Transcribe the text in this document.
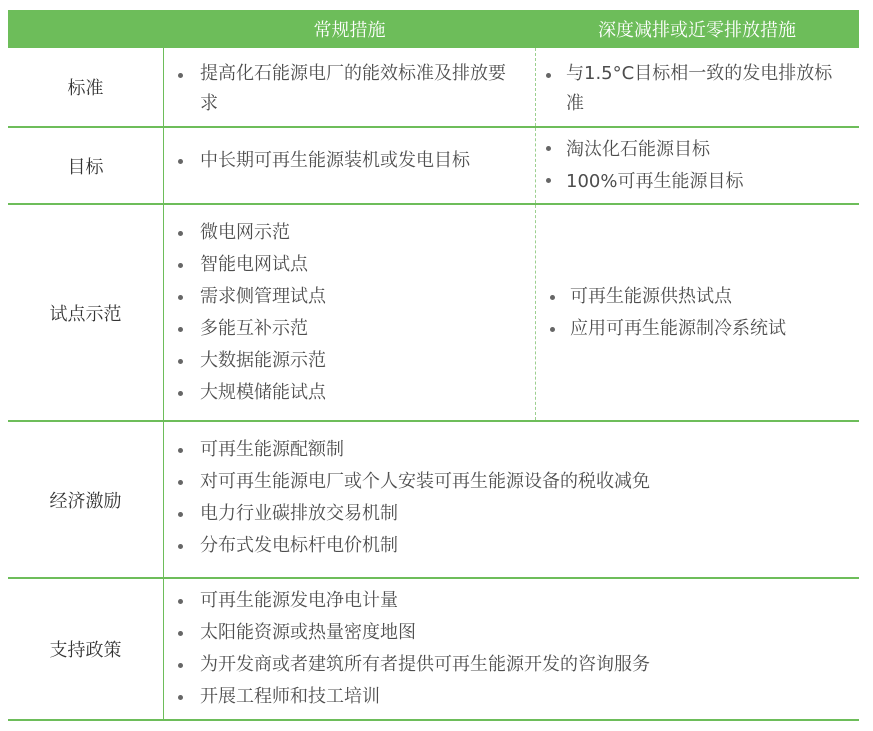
常规措施	深度减排或近零排放措施
标准
提高化石能源电厂的能效标准及排放要求
与1.5°C目标相一致的发电排放标准
目标	中长期可再生能源装机或发电目标
淘汰化石能源目标
100%可再生能源目标
试点示范
微电网示范
智能电网试点
需求侧管理试点
多能互补示范
大数据能源示范
大规模储能试点
可再生能源供热试点
应用可再生能源制冷系统试
经济激励
可再生能源配额制
对可再生能源电厂或个人安装可再生能源设备的税收减免
电力行业碳排放交易机制
分布式发电标杆电价机制
支持政策
可再生能源发电净电计量
太阳能资源或热量密度地图
为开发商或者建筑所有者提供可再生能源开发的咨询服务
开展工程师和技工培训
